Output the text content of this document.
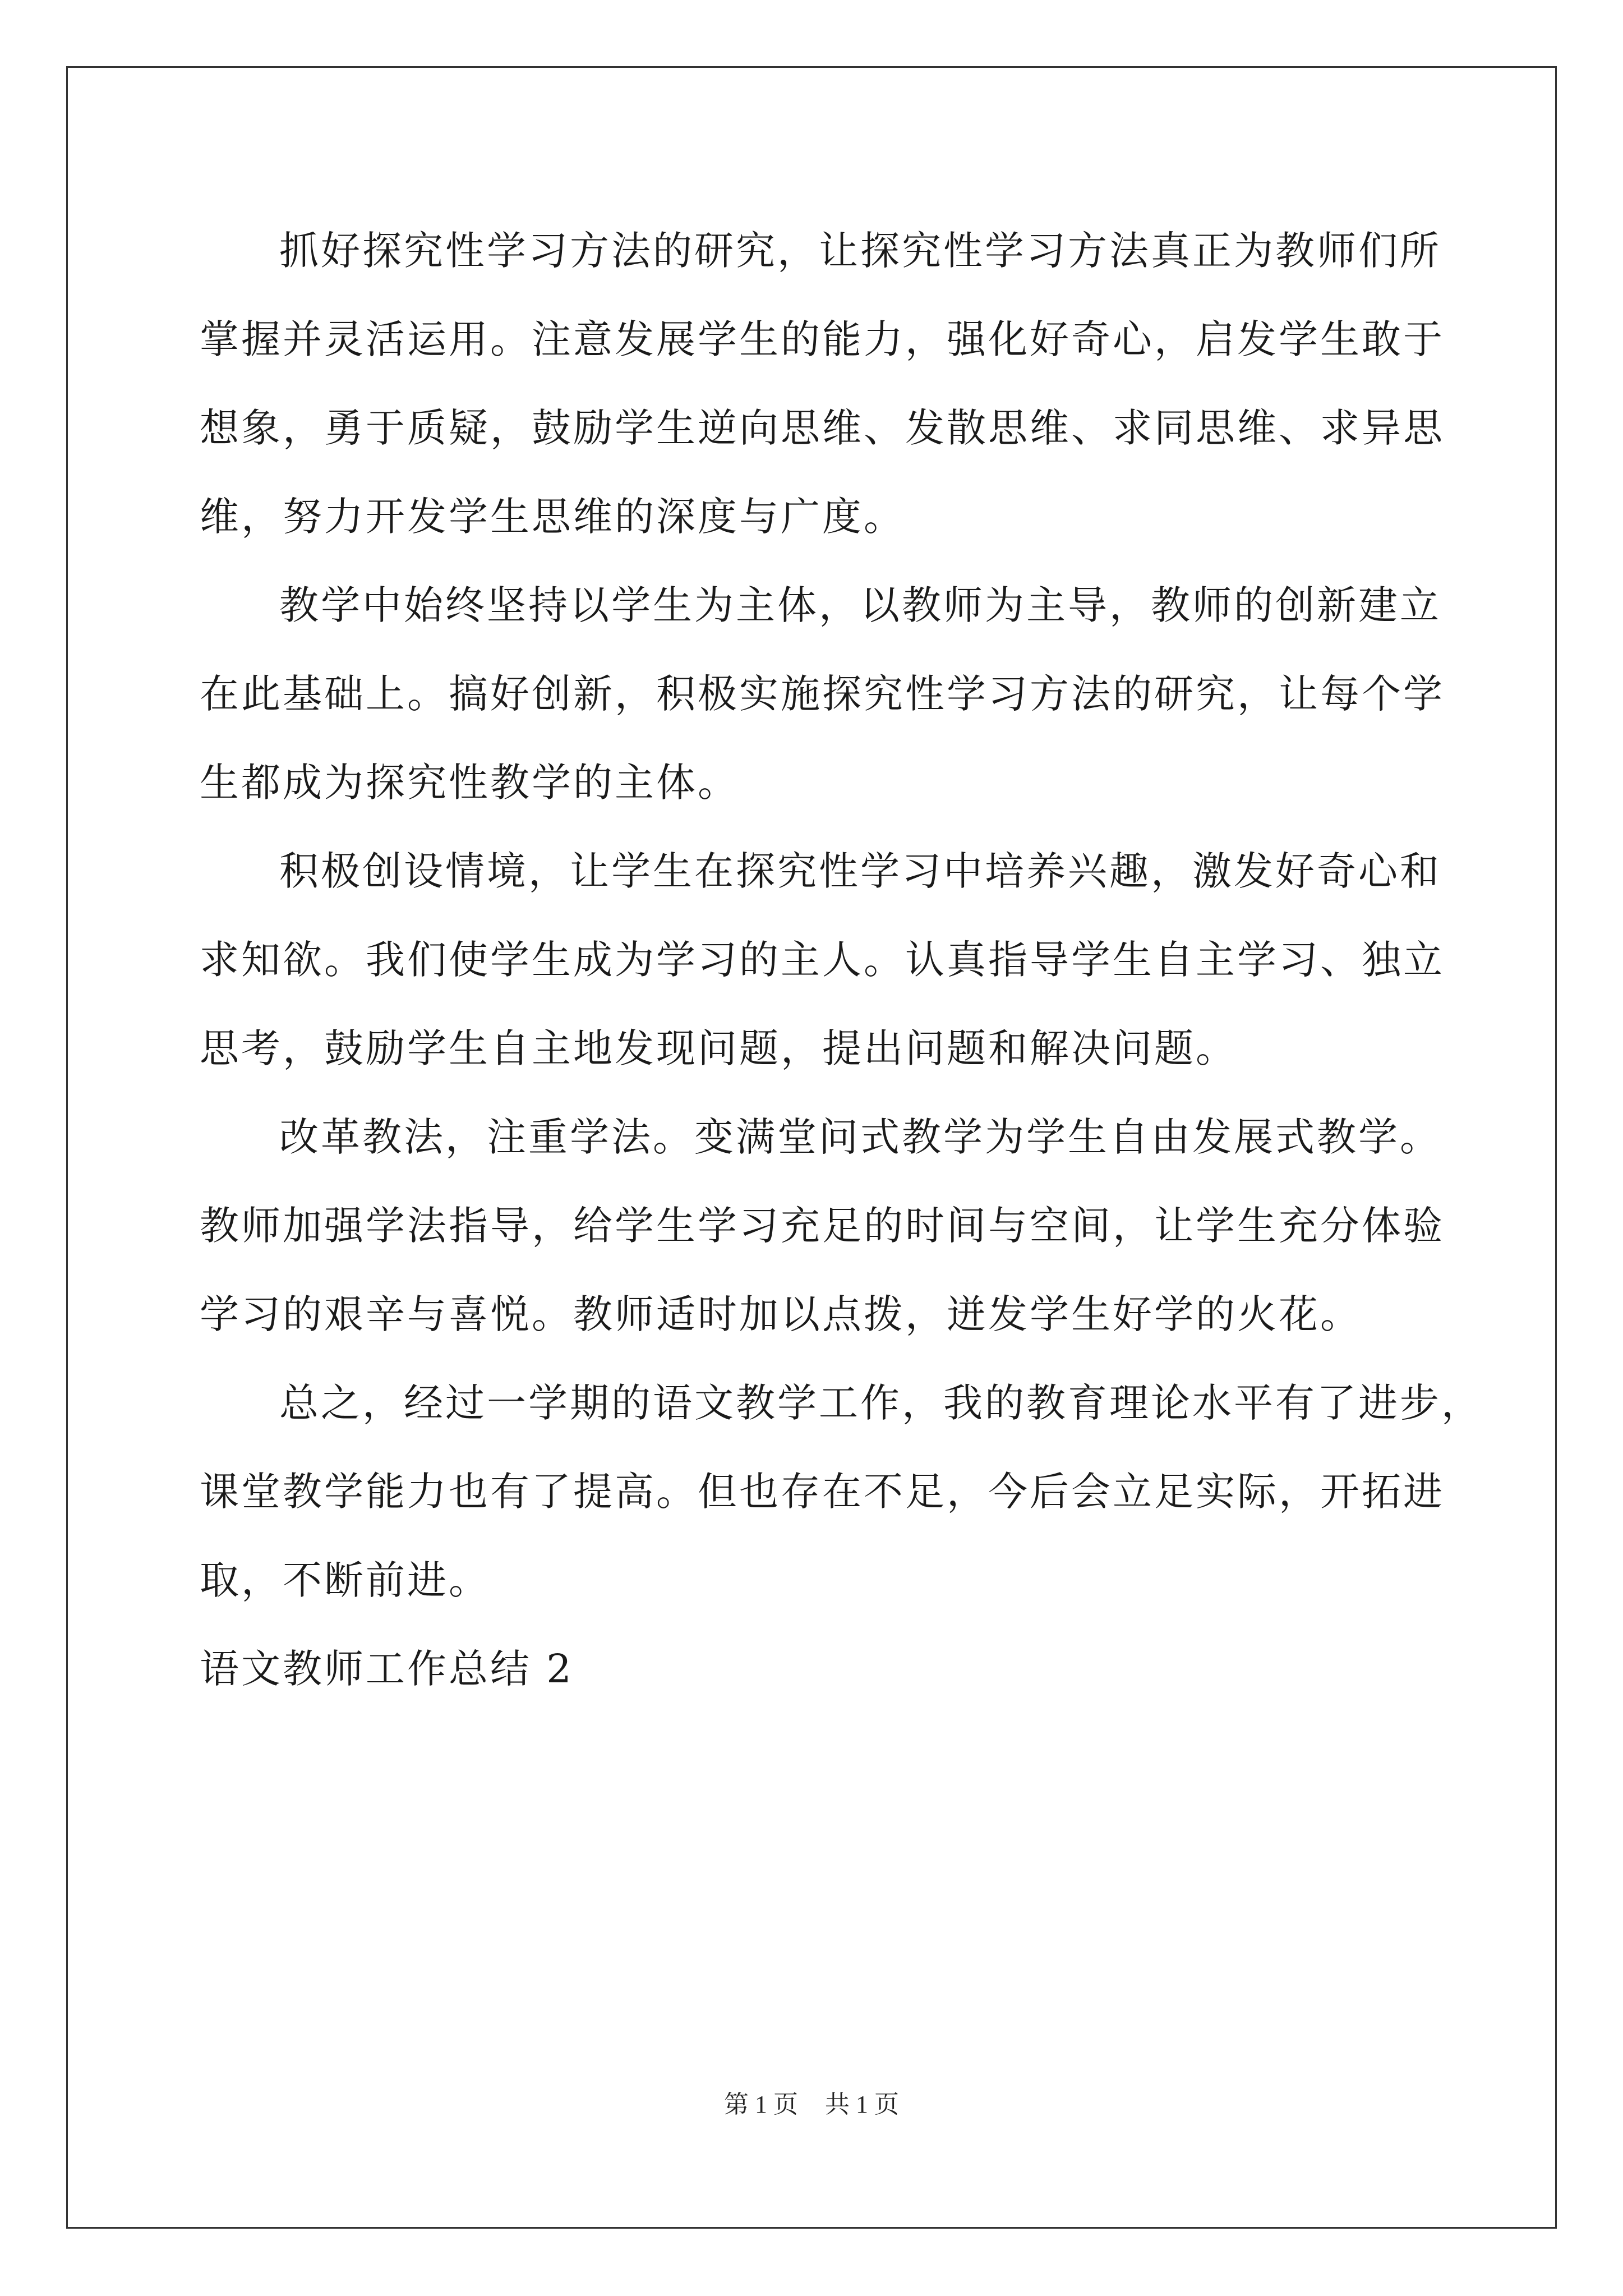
抓好探究性学习方法的研究，让探究性学习方法真正为教师们所
掌握并灵活运用。注意发展学生的能力，强化好奇心，启发学生敢于
想象，勇于质疑，鼓励学生逆向思维、发散思维、求同思维、求异思
维，努力开发学生思维的深度与广度。
教学中始终坚持以学生为主体，以教师为主导，教师的创新建立
在此基础上。搞好创新，积极实施探究性学习方法的研究，让每个学
生都成为探究性教学的主体。
积极创设情境，让学生在探究性学习中培养兴趣，激发好奇心和
求知欲。我们使学生成为学习的主人。认真指导学生自主学习、独立
思考，鼓励学生自主地发现问题，提出问题和解决问题。
改革教法，注重学法。变满堂问式教学为学生自由发展式教学。
教师加强学法指导，给学生学习充足的时间与空间，让学生充分体验
学习的艰辛与喜悦。教师适时加以点拨，迸发学生好学的火花。
总之，经过一学期的语文教学工作，我的教育理论水平有了进步，
课堂教学能力也有了提高。但也存在不足，今后会立足实际，开拓进
取，不断前进。
语文教师工作总结 2
第 1 页 共 1 页
